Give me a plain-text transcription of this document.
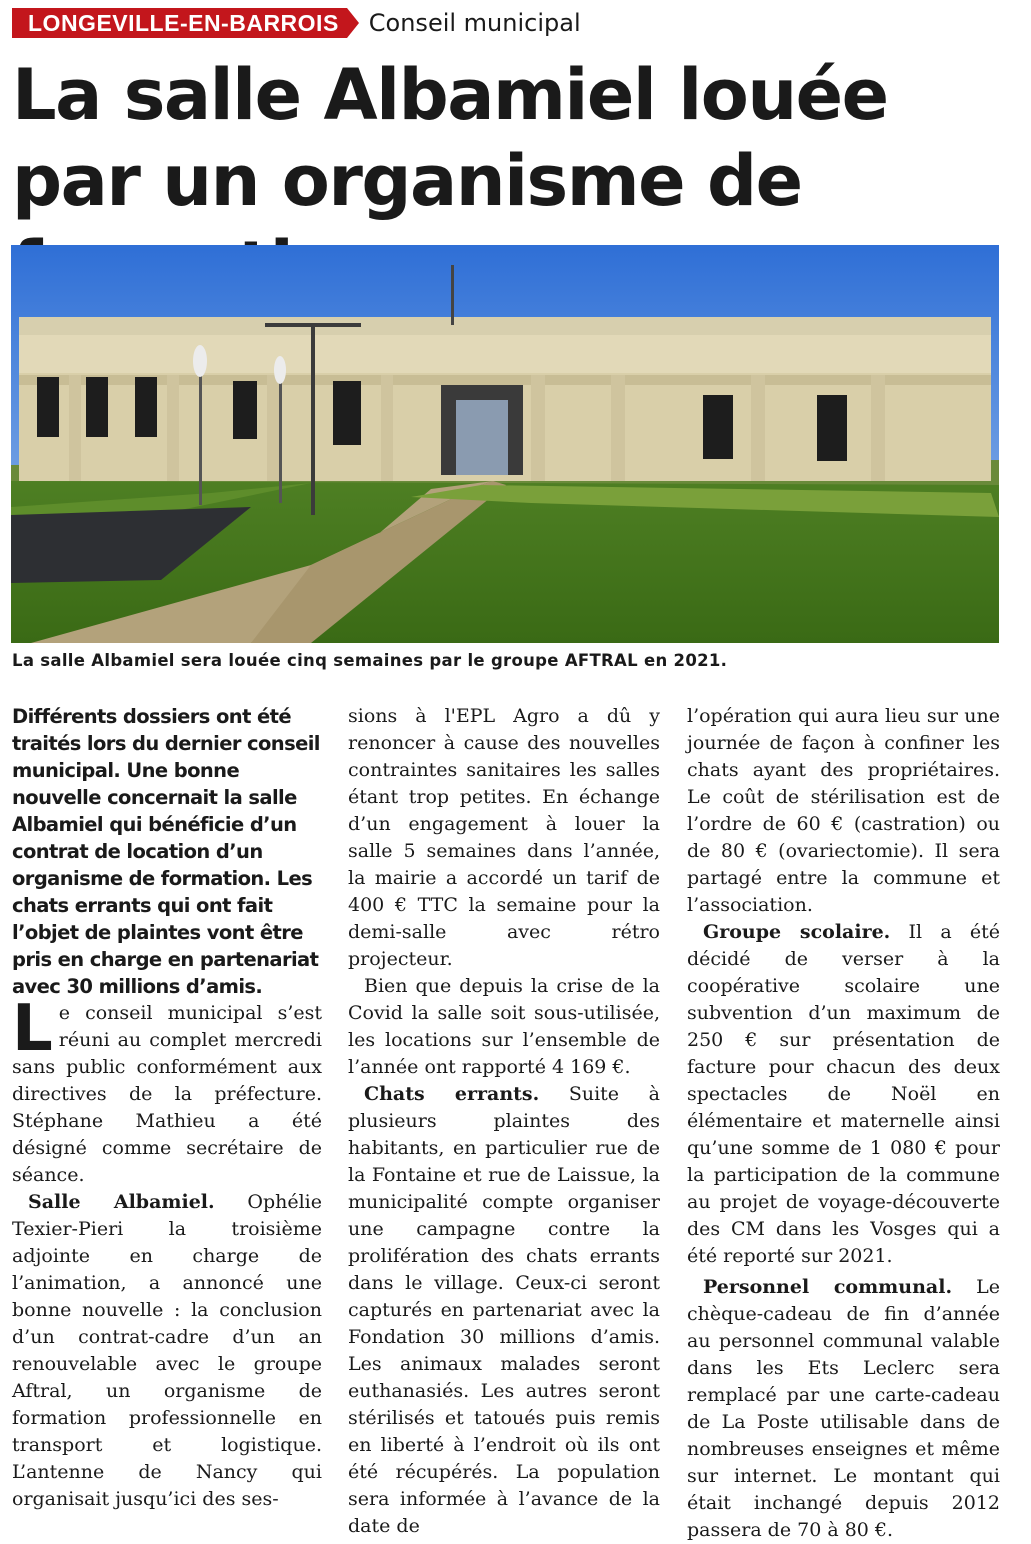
LONGEVILLE-EN-BARROIS	Conseil municipal
La salle Albamiel louée par un organisme de
La salle Albamiel sera louée cinq semaines par le groupe AFTRAL en 2021.

Différents dossiers ont été traités lors du dernier conseil municipal. Une bonne nouvelle concernait la salle Albamiel qui bénéficie d’un contrat de location d’un organisme de formation. Les chats errants qui ont fait l’objet de plaintes vont être pris en charge en partenariat avec 30 millions d’amis.

Le conseil municipal s’est réuni au complet mercredi sans public conformément aux directives de la préfecture. Stéphane Mathieu a été désigné comme secrétaire de séance.

Salle Albamiel. Ophélie Texier-Pieri la troisième adjointe en charge de l’animation, a annoncé une bonne nouvelle : la conclusion d’un contrat-cadre d’un an renouvelable avec le groupe Aftral, un organisme de formation professionnelle en transport et logistique. L’antenne de Nancy qui organisait jusqu’ici des ses-

sions à l'EPL Agro a dû y renoncer à cause des nouvelles contraintes sanitaires les salles étant trop petites. En échange d’un engagement à louer la salle 5 semaines dans l’année, la mairie a accordé un tarif de 400 € TTC la semaine pour la demi-salle avec rétro projecteur.

Bien que depuis la crise de la Covid la salle soit sous-utilisée, les locations sur l’ensemble de l’année ont rapporté 4 169 €.

Chats errants. Suite à plusieurs plaintes des habitants, en particulier rue de la Fontaine et rue de Laissue, la municipalité compte organiser une campagne contre la prolifération des chats errants dans le village. Ceux-ci seront capturés en partenariat avec la Fondation 30 millions d’amis. Les animaux malades seront euthanasiés. Les autres seront stérilisés et tatoués puis remis en liberté à l’endroit où ils ont été récupérés. La population sera informée à l’avance de la date de

l’opération qui aura lieu sur une journée de façon à confiner les chats ayant des propriétaires. Le coût de stérilisation est de l’ordre de 60 € (castration) ou de 80 € (ovariectomie). Il sera partagé entre la commune et l’association.

Groupe scolaire. Il a été décidé de verser à la coopérative scolaire une subvention d’un maximum de 250 € sur présentation de facture pour chacun des deux spectacles de Noël en élémentaire et maternelle ainsi qu’une somme de 1 080 € pour la participation de la commune au projet de voyage-découverte des CM dans les Vosges qui a été reporté sur 2021.

Personnel communal. Le chèque-cadeau de fin d’année au personnel communal valable dans les Ets Leclerc sera remplacé par une carte-cadeau de La Poste utilisable dans de nombreuses enseignes et même sur internet. Le montant qui était inchangé depuis 2012 passera de 70 à 80 €.
